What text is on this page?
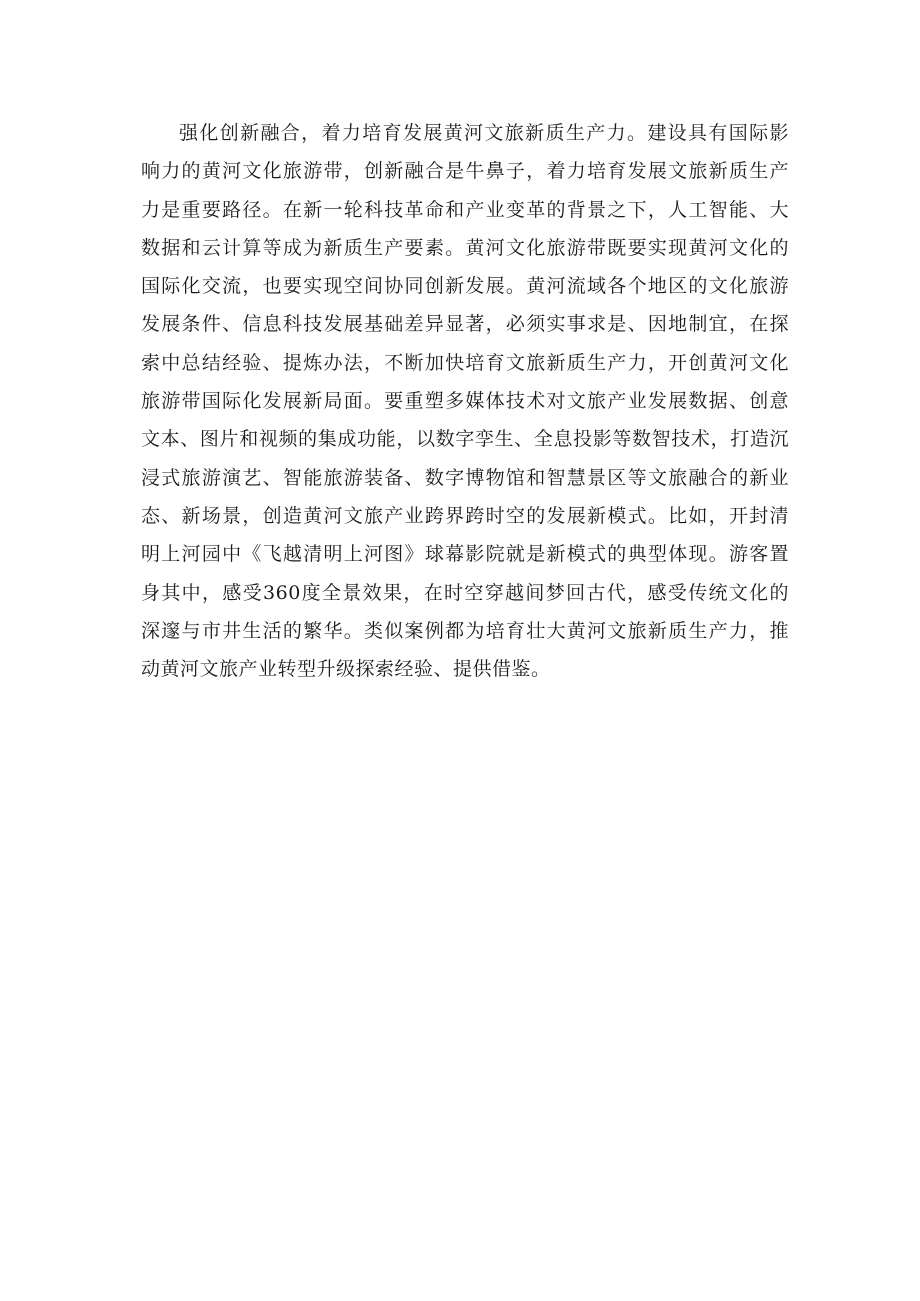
强化创新融合，着力培育发展黄河文旅新质生产力。建设具有国际影
响力的黄河文化旅游带，创新融合是牛鼻子，着力培育发展文旅新质生产
力是重要路径。在新一轮科技革命和产业变革的背景之下，人工智能、大
数据和云计算等成为新质生产要素。黄河文化旅游带既要实现黄河文化的
国际化交流，也要实现空间协同创新发展。黄河流域各个地区的文化旅游
发展条件、信息科技发展基础差异显著，必须实事求是、因地制宜，在探
索中总结经验、提炼办法，不断加快培育文旅新质生产力，开创黄河文化
旅游带国际化发展新局面。要重塑多媒体技术对文旅产业发展数据、创意
文本、图片和视频的集成功能，以数字孪生、全息投影等数智技术，打造沉
浸式旅游演艺、智能旅游装备、数字博物馆和智慧景区等文旅融合的新业
态、新场景，创造黄河文旅产业跨界跨时空的发展新模式。比如，开封清
明上河园中《飞越清明上河图》球幕影院就是新模式的典型体现。游客置
身其中，感受360度全景效果，在时空穿越间梦回古代，感受传统文化的
深邃与市井生活的繁华。类似案例都为培育壮大黄河文旅新质生产力，推
动黄河文旅产业转型升级探索经验、提供借鉴。
